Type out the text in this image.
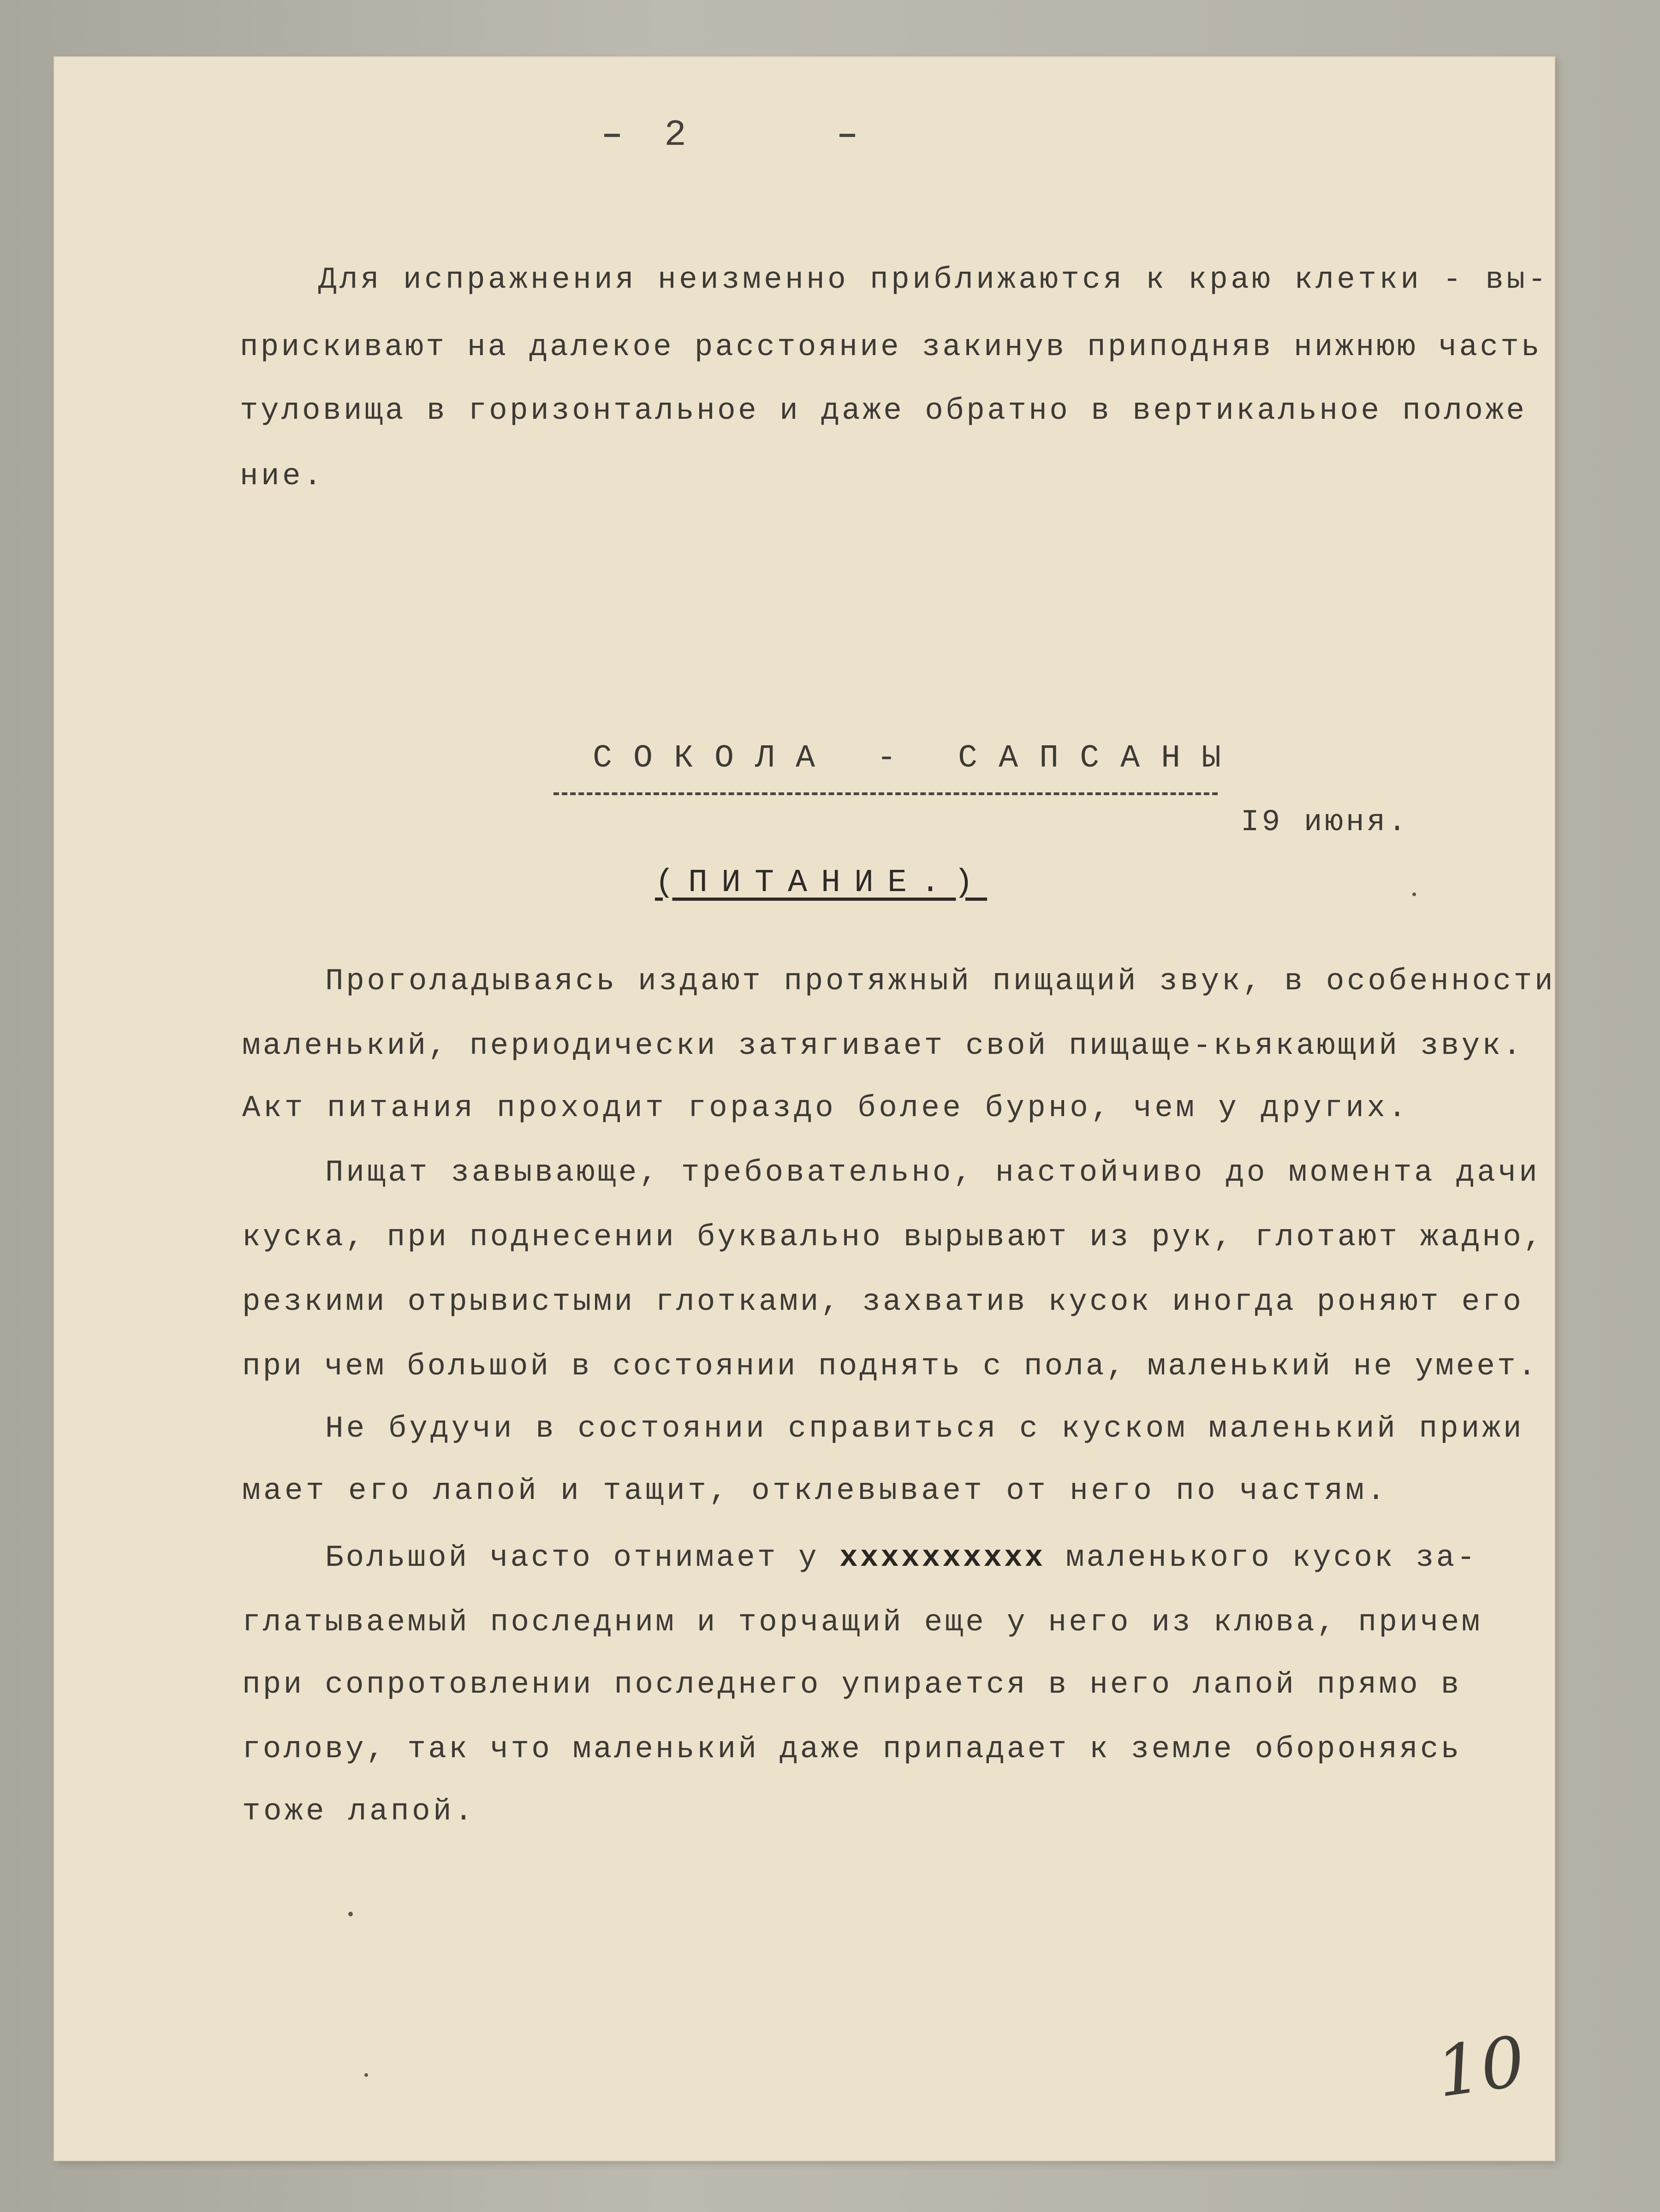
2
Для испражнения неизменно приближаются к краю клетки - вы-
прискивают на далекое расстояние закинув приподняв нижнюю часть
туловища в горизонтальное и даже обратно в вертикальное положе
ние.
СОКОЛА - САПСАНЫ
I9 июня.
(ПИТАНИЕ.)
Проголадываясь издают протяжный пищащий звук, в особенности
маленький, периодически затягивает свой пищаще-кьякающий звук.
Акт питания проходит гораздо более бурно, чем у других.
Пищат завывающе, требовательно, настойчиво до момента дачи
куска, при поднесении буквально вырывают из рук, глотают жадно,
резкими отрывистыми глотками, захватив кусок иногда роняют его
при чем большой в состоянии поднять с пола, маленький не умеет.
Не будучи в состоянии справиться с куском маленький прижи
мает его лапой и тащит, отклевывает от него по частям.
Большой часто отнимает у хххххххххх маленького кусок за-
глатываемый последним и торчащий еще у него из клюва, причем
при сопротовлении последнего упирается в него лапой прямо в
голову, так что маленький даже припадает к земле обороняясь
тоже лапой.
10
